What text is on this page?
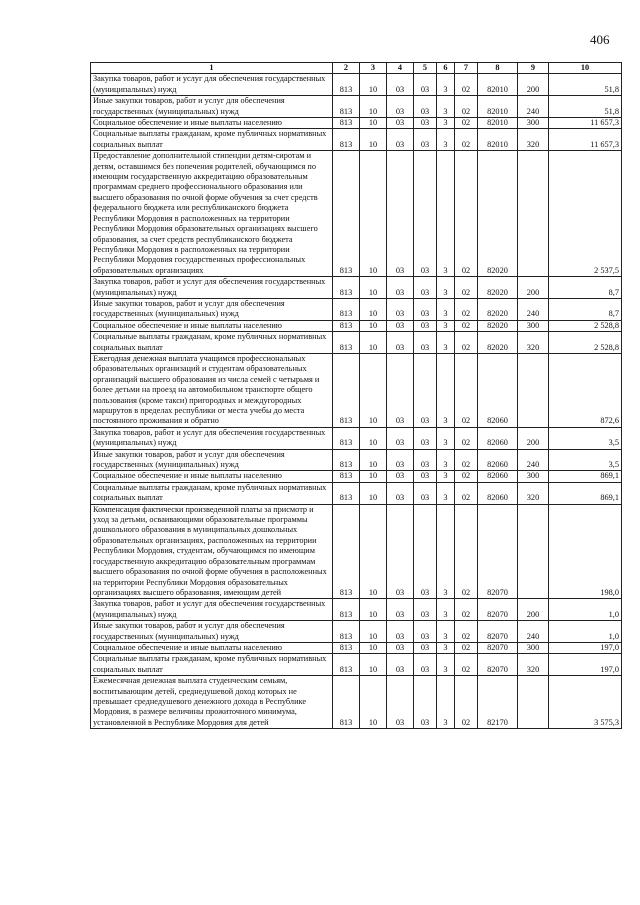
406
1	2	3	4	5	6	7	8	9	10
Закупка товаров, работ и услуг для обеспечения государственных (муниципальных) нужд	813	10	03	03	3	02	82010	200	51,8
Иные закупки товаров, работ и услуг для обеспечения государственных (муниципальных) нужд	813	10	03	03	3	02	82010	240	51,8
Социальное обеспечение и иные выплаты населению	813	10	03	03	3	02	82010	300	11 657,3
Социальные выплаты гражданам, кроме публичных нормативных социальных выплат	813	10	03	03	3	02	82010	320	11 657,3
Предоставление дополнительной стипендии детям-сиротам и детям, оставшимся без попечения родителей, обучающимся по имеющим государственную аккредитацию образовательным программам среднего профессионального образования или высшего образования по очной форме обучения за счет средств федерального бюджета или республиканского бюджета Республики Мордовия в расположенных на территории Республики Мордовия образовательных организациях высшего образования, за счет средств республиканского бюджета Республики Мордовия в расположенных на территории Республики Мордовия государственных профессиональных образовательных организациях	813	10	03	03	3	02	82020		2 537,5
Закупка товаров, работ и услуг для обеспечения государственных (муниципальных) нужд	813	10	03	03	3	02	82020	200	8,7
Иные закупки товаров, работ и услуг для обеспечения государственных (муниципальных) нужд	813	10	03	03	3	02	82020	240	8,7
Социальное обеспечение и иные выплаты населению	813	10	03	03	3	02	82020	300	2 528,8
Социальные выплаты гражданам, кроме публичных нормативных социальных выплат	813	10	03	03	3	02	82020	320	2 528,8
Ежегодная денежная выплата учащимся профессиональных образовательных организаций и студентам образовательных организаций высшего образования из числа семей с четырьмя и более детьми на проезд на автомобильном транспорте общего пользования (кроме такси) пригородных и междугородных маршрутов в пределах республики от места учебы до места постоянного проживания и обратно	813	10	03	03	3	02	82060		872,6
Закупка товаров, работ и услуг для обеспечения государственных (муниципальных) нужд	813	10	03	03	3	02	82060	200	3,5
Иные закупки товаров, работ и услуг для обеспечения государственных (муниципальных) нужд	813	10	03	03	3	02	82060	240	3,5
Социальное обеспечение и иные выплаты населению	813	10	03	03	3	02	82060	300	869,1
Социальные выплаты гражданам, кроме публичных нормативных социальных выплат	813	10	03	03	3	02	82060	320	869,1
Компенсация фактически произведенной платы за присмотр и уход за детьми, осваивающими образовательные программы дошкольного образования в муниципальных дошкольных образовательных организациях, расположенных на территории Республики Мордовия, студентам, обучающимся по имеющим государственную аккредитацию образовательным программам высшего образования по очной форме обучения в расположенных на территории Республики Мордовия образовательных организациях высшего образования, имеющим детей	813	10	03	03	3	02	82070		198,0
Закупка товаров, работ и услуг для обеспечения государственных (муниципальных) нужд	813	10	03	03	3	02	82070	200	1,0
Иные закупки товаров, работ и услуг для обеспечения государственных (муниципальных) нужд	813	10	03	03	3	02	82070	240	1,0
Социальное обеспечение и иные выплаты населению	813	10	03	03	3	02	82070	300	197,0
Социальные выплаты гражданам, кроме публичных нормативных социальных выплат	813	10	03	03	3	02	82070	320	197,0
Ежемесячная денежная выплата студенческим семьям, воспитывающим детей, среднедушевой доход которых не превышает среднедушевого денежного дохода в Республике Мордовия, в размере величины прожиточного минимума, установленной в Республике Мордовия для детей	813	10	03	03	3	02	82170		3 575,3
